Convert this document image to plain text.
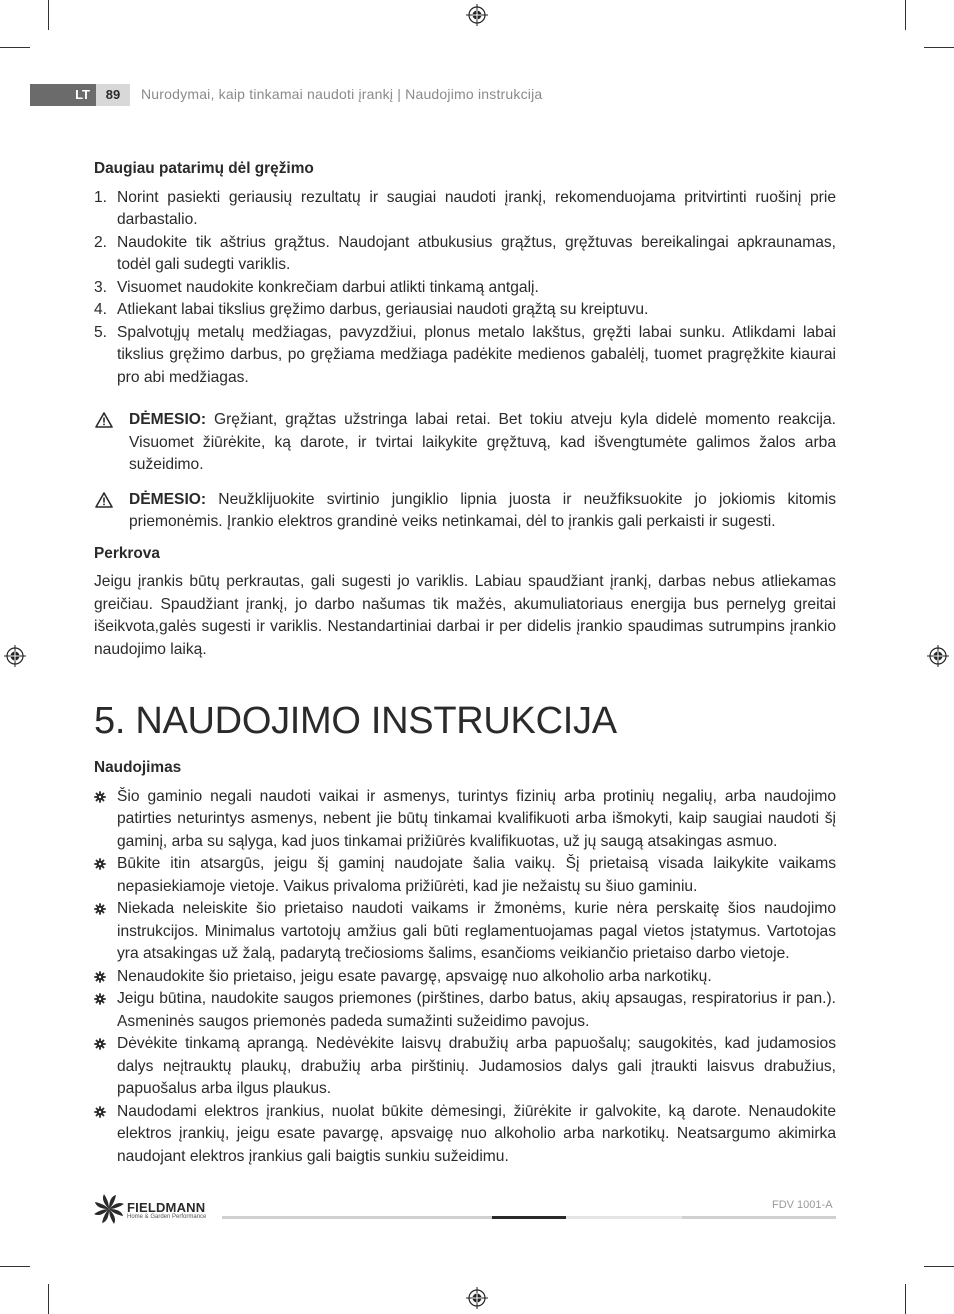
LT	89	Nurodymai, kaip tinkamai naudoti įrankį | Naudojimo instrukcija
Daugiau patarimų dėl gręžimo
1. Norint pasiekti geriausių rezultatų ir saugiai naudoti įrankį, rekomenduojama pritvirtinti ruošinį prie darbastalio.
2. Naudokite tik aštrius grąžtus. Naudojant atbukusius grąžtus, gręžtuvas bereikalingai apkraunamas, todėl gali sudegti variklis.
3. Visuomet naudokite konkrečiam darbui atlikti tinkamą antgalį.
4. Atliekant labai tikslius gręžimo darbus, geriausiai naudoti grąžtą su kreiptuvu.
5. Spalvotųjų metalų medžiagas, pavyzdžiui, plonus metalo lakštus, gręžti labai sunku. Atlikdami labai tikslius gręžimo darbus, po gręžiama medžiaga padėkite medienos gabalėlį, tuomet pragręžkite kiaurai pro abi medžiagas.
DĖMESIO: Gręžiant, grąžtas užstringa labai retai. Bet tokiu atveju kyla didelė momento reakcija. Visuomet žiūrėkite, ką darote, ir tvirtai laikykite gręžtuvą, kad išvengtumėte galimos žalos arba sužeidimo.
DĖMESIO: Neužklijuokite svirtinio jungiklio lipnia juosta ir neužfiksuokite jo jokiomis kitomis priemonėmis. Įrankio elektros grandinė veiks netinkamai, dėl to įrankis gali perkaisti ir sugesti.
Perkrova

Jeigu įrankis būtų perkrautas, gali sugesti jo variklis. Labiau spaudžiant įrankį, darbas nebus atliekamas greičiau. Spaudžiant įrankį, jo darbo našumas tik mažės, akumuliatoriaus energija bus pernelyg greitai išeikvota,galės sugesti ir variklis. Nestandartiniai darbai ir per didelis įrankio spaudimas sutrumpins įrankio naudojimo laiką.

5. NAUDOJIMO INSTRUKCIJA
Naudojimas
Šio gaminio negali naudoti vaikai ir asmenys, turintys fizinių arba protinių negalių, arba naudojimo patirties neturintys asmenys, nebent jie būtų tinkamai kvalifikuoti arba išmokyti, kaip saugiai naudoti šį gaminį, arba su sąlyga, kad juos tinkamai prižiūrės kvalifikuotas, už jų saugą atsakingas asmuo.
Būkite itin atsargūs, jeigu šį gaminį naudojate šalia vaikų. Šį prietaisą visada laikykite vaikams nepasiekiamoje vietoje. Vaikus privaloma prižiūrėti, kad jie nežaistų su šiuo gaminiu.
Niekada neleiskite šio prietaiso naudoti vaikams ir žmonėms, kurie nėra perskaitę šios naudojimo instrukcijos. Minimalus vartotojų amžius gali būti reglamentuojamas pagal vietos įstatymus. Vartotojas yra atsakingas už žalą, padarytą trečiosioms šalims, esančioms veikiančio prietaiso darbo vietoje.
Nenaudokite šio prietaiso, jeigu esate pavargę, apsvaigę nuo alkoholio arba narkotikų.
Jeigu būtina, naudokite saugos priemones (pirštines, darbo batus, akių apsaugas, respiratorius ir pan.). Asmeninės saugos priemonės padeda sumažinti sužeidimo pavojus.
Dėvėkite tinkamą aprangą. Nedėvėkite laisvų drabužių arba papuošalų; saugokitės, kad judamosios dalys neįtrauktų plaukų, drabužių arba pirštinių. Judamosios dalys gali įtraukti laisvus drabužius, papuošalus arba ilgus plaukus.
Naudodami elektros įrankius, nuolat būkite dėmesingi, žiūrėkite ir galvokite, ką darote. Nenaudokite elektros įrankių, jeigu esate pavargę, apsvaigę nuo alkoholio arba narkotikų. Neatsargumo akimirka naudojant elektros įrankius gali baigtis sunkiu sužeidimu.
FIELDMANN
Home & Garden Performance
FDV 1001-A
